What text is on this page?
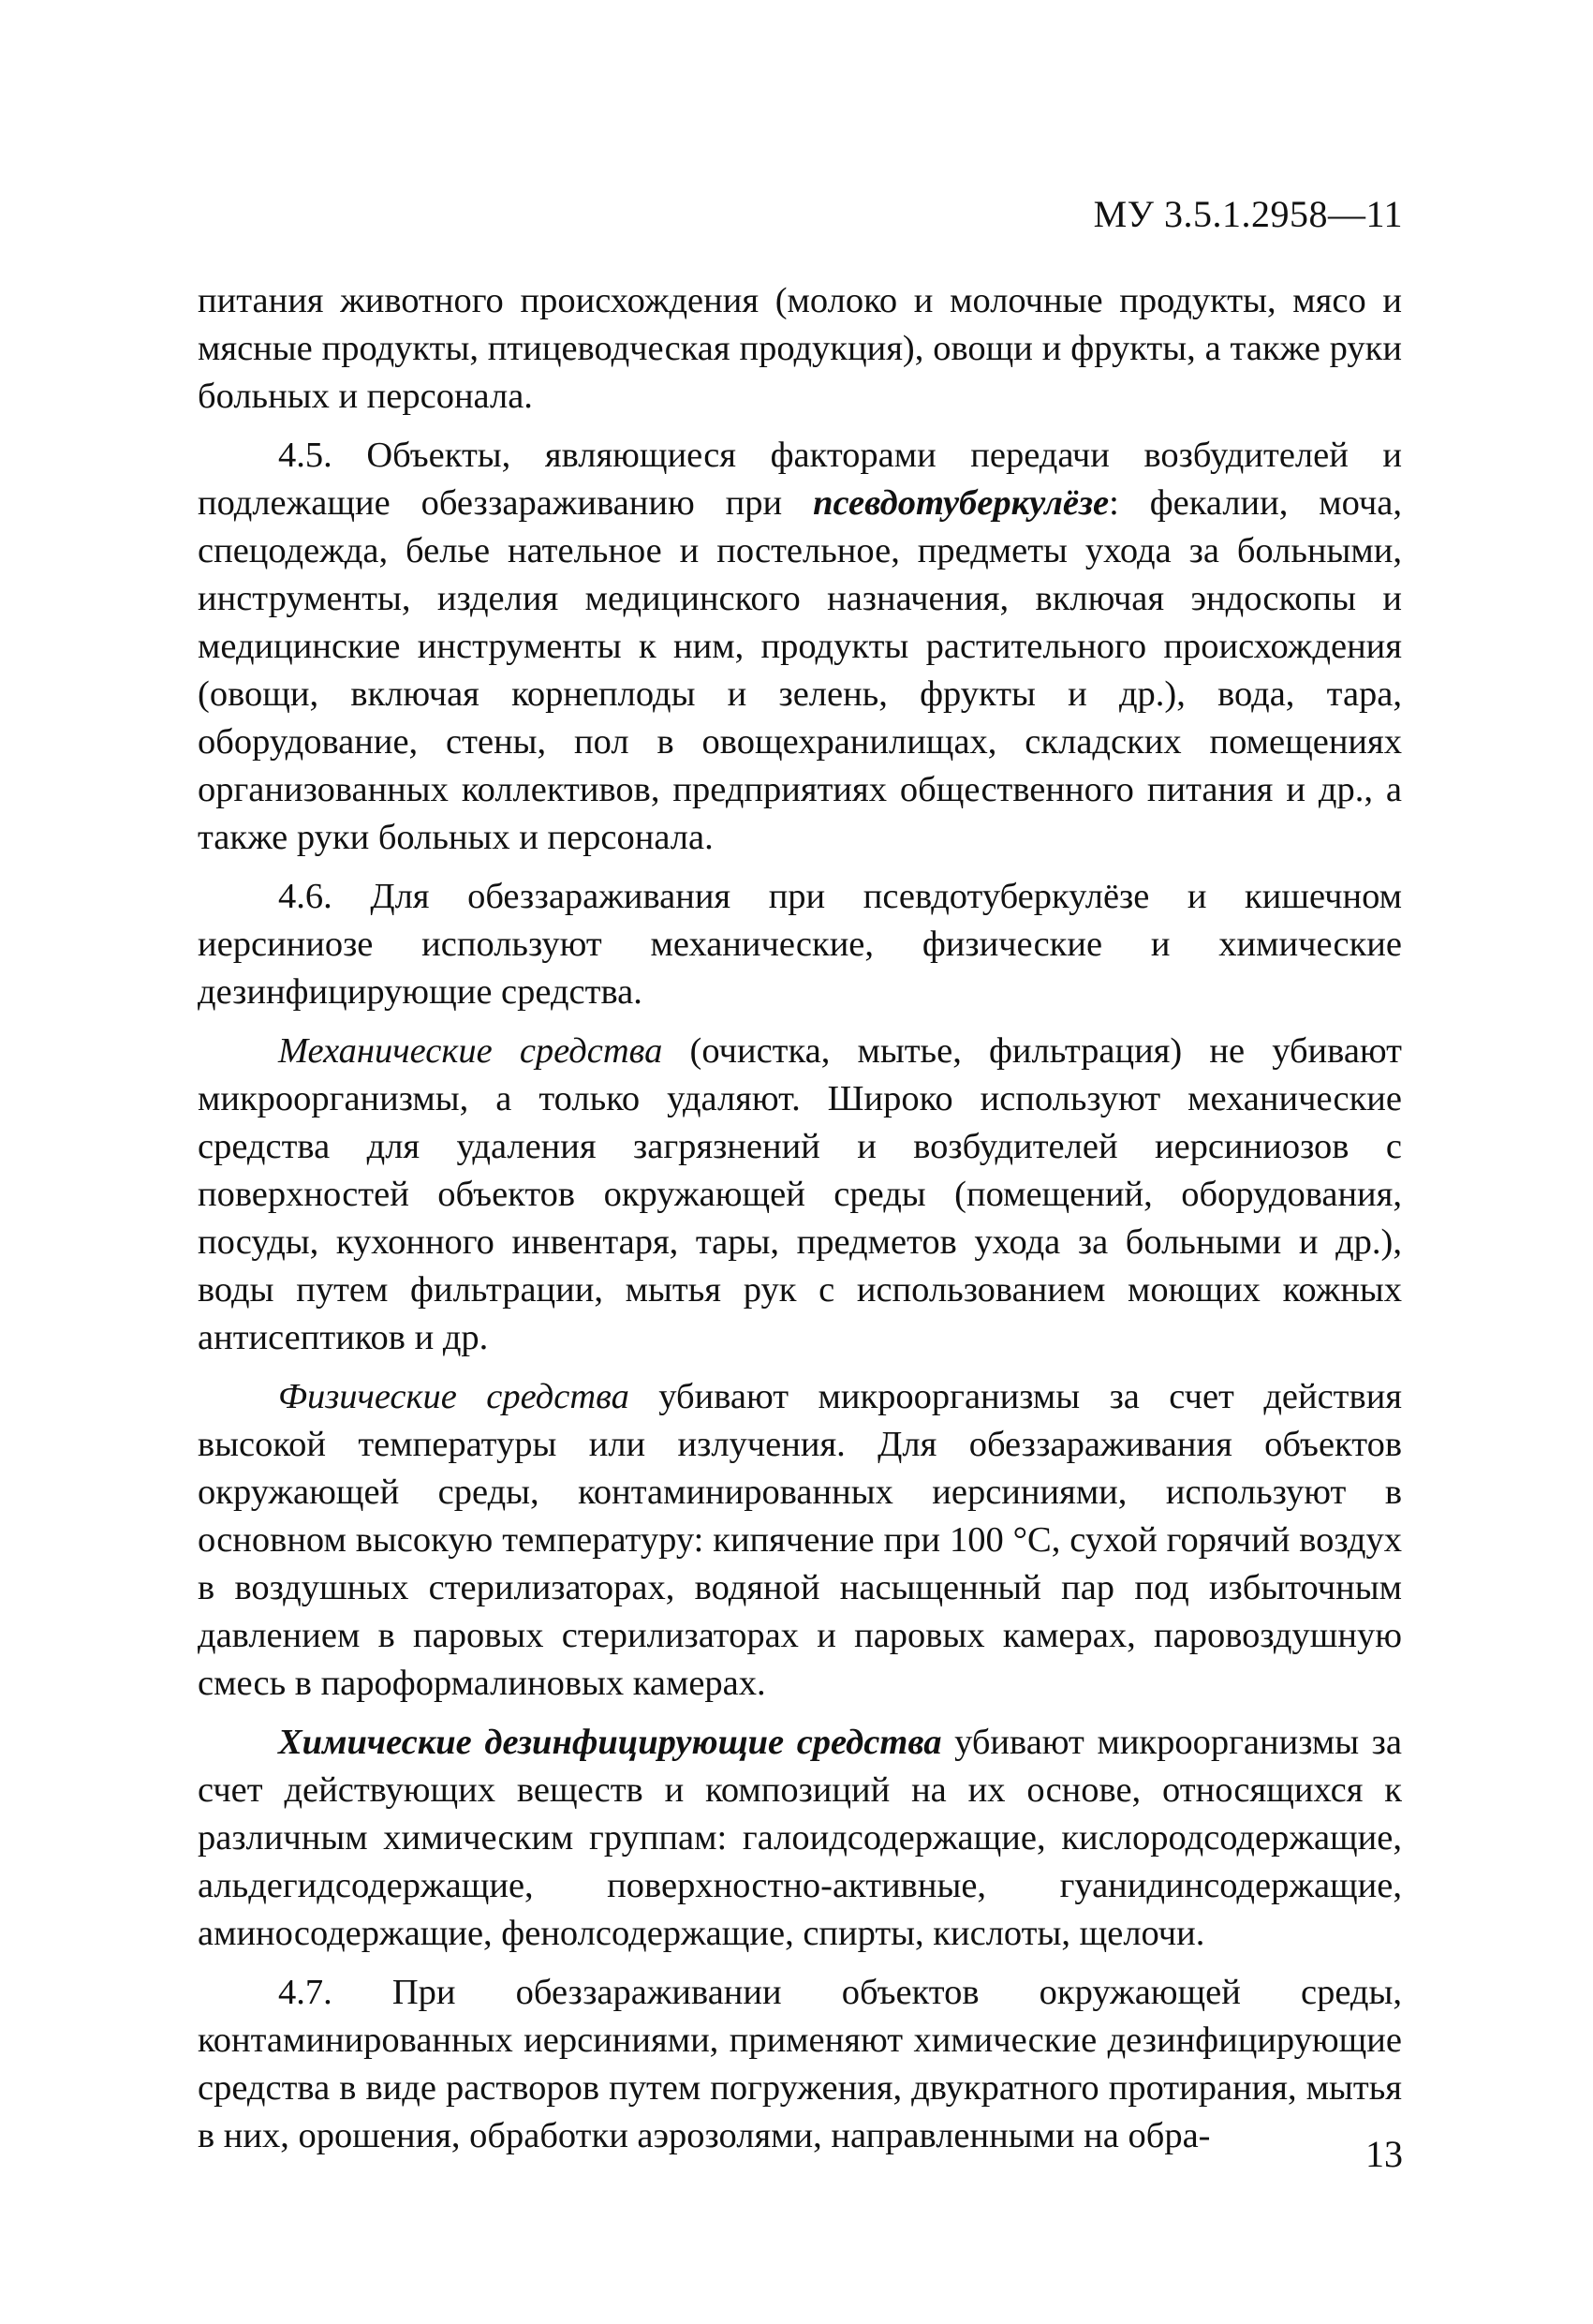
МУ 3.5.1.2958—11

питания животного происхождения (молоко и молочные продукты, мясо и мясные продукты, птицеводческая продукция), овощи и фрукты, а также руки больных и персонала.

4.5. Объекты, являющиеся факторами передачи возбудителей и подлежащие обеззараживанию при псевдотуберкулёзе: фекалии, моча, спецодежда, белье нательное и постельное, предметы ухода за больными, инструменты, изделия медицинского назначения, включая эндоскопы и медицинские инструменты к ним, продукты растительного происхождения (овощи, включая корнеплоды и зелень, фрукты и др.), вода, тара, оборудование, стены, пол в овощехранилищах, складских помещениях организованных коллективов, предприятиях общественного питания и др., а также руки больных и персонала.

4.6. Для обеззараживания при псевдотуберкулёзе и кишечном иерсиниозе используют механические, физические и химические дезинфицирующие средства.

Механические средства (очистка, мытье, фильтрация) не убивают микроорганизмы, а только удаляют. Широко используют механические средства для удаления загрязнений и возбудителей иерсиниозов с поверхностей объектов окружающей среды (помещений, оборудования, посуды, кухонного инвентаря, тары, предметов ухода за больными и др.), воды путем фильтрации, мытья рук с использованием моющих кожных антисептиков и др.

Физические средства убивают микроорганизмы за счет действия высокой температуры или излучения. Для обеззараживания объектов окружающей среды, контаминированных иерсиниями, используют в основном высокую температуру: кипячение при 100 °С, сухой горячий воздух в воздушных стерилизаторах, водяной насыщенный пар под избыточным давлением в паровых стерилизаторах и паровых камерах, паровоздушную смесь в пароформалиновых камерах.

Химические дезинфицирующие средства убивают микроорганизмы за счет действующих веществ и композиций на их основе, относящихся к различным химическим группам: галоидсодержащие, кислородсодержащие, альдегидсодержащие, поверхностно-активные, гуанидинсодержащие, аминосодержащие, фенолсодержащие, спирты, кислоты, щелочи.

4.7. При обеззараживании объектов окружающей среды, контаминированных иерсиниями, применяют химические дезинфицирующие средства в виде растворов путем погружения, двукратного протирания, мытья в них, орошения, обработки аэрозолями, направленными на обра-	13
